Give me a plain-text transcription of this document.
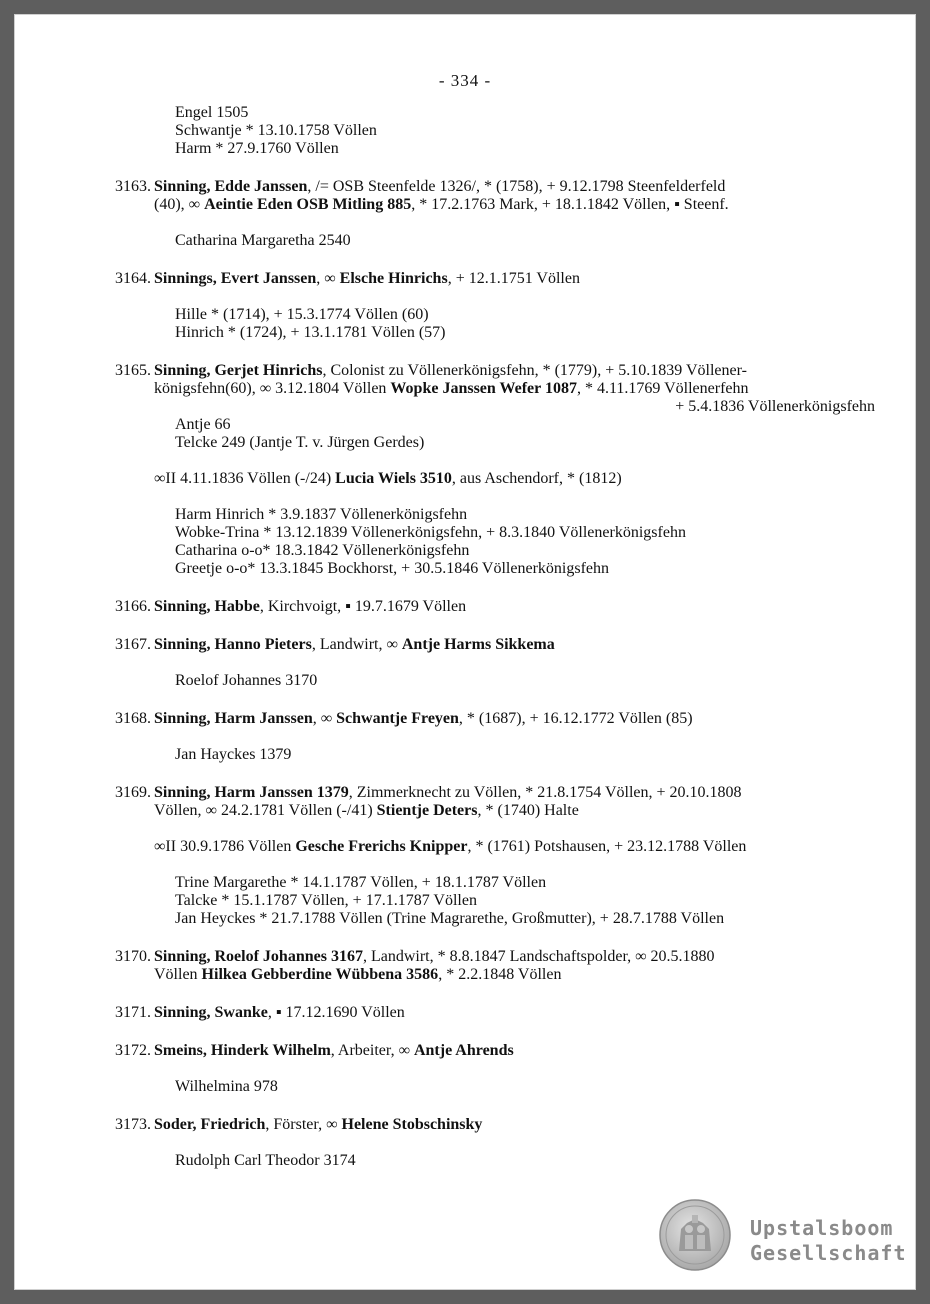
- 334 -
Engel 1505
Schwantje * 13.10.1758 Völlen
Harm * 27.9.1760 Völlen
3163. Sinning, Edde Janssen, /= OSB Steenfelde 1326/, * (1758), + 9.12.1798 Steenfelderfeld
(40), ∞ Aeintie Eden OSB Mitling 885, * 17.2.1763 Mark, + 18.1.1842 Völlen, ▪ Steenf.
Catharina Margaretha 2540
3164. Sinnings, Evert Janssen, ∞ Elsche Hinrichs, + 12.1.1751 Völlen
Hille * (1714), + 15.3.1774 Völlen (60)
Hinrich * (1724), + 13.1.1781 Völlen (57)
3165. Sinning, Gerjet Hinrichs, Colonist zu Völlenerkönigsfehn, * (1779), + 5.10.1839 Völlener-
königsfehn(60), ∞ 3.12.1804 Völlen Wopke Janssen Wefer 1087, * 4.11.1769 Völlenerfehn
+ 5.4.1836 Völlenerkönigsfehn
Antje 66
Telcke 249 (Jantje T. v. Jürgen Gerdes)
∞II 4.11.1836 Völlen (-/24) Lucia Wiels 3510, aus Aschendorf, * (1812)
Harm Hinrich * 3.9.1837 Völlenerkönigsfehn
Wobke-Trina * 13.12.1839 Völlenerkönigsfehn, + 8.3.1840 Völlenerkönigsfehn
Catharina o-o* 18.3.1842 Völlenerkönigsfehn
Greetje o-o* 13.3.1845 Bockhorst, + 30.5.1846 Völlenerkönigsfehn
3166. Sinning, Habbe, Kirchvoigt, ▪ 19.7.1679 Völlen
3167. Sinning, Hanno Pieters, Landwirt, ∞ Antje Harms Sikkema
Roelof Johannes 3170
3168. Sinning, Harm Janssen, ∞ Schwantje Freyen, * (1687), + 16.12.1772 Völlen (85)
Jan Hayckes 1379
3169. Sinning, Harm Janssen 1379, Zimmerknecht zu Völlen, * 21.8.1754 Völlen, + 20.10.1808
Völlen, ∞ 24.2.1781 Völlen (-/41) Stientje Deters, * (1740) Halte
∞II 30.9.1786 Völlen Gesche Frerichs Knipper, * (1761) Potshausen, + 23.12.1788 Völlen
Trine Margarethe * 14.1.1787 Völlen, + 18.1.1787 Völlen
Talcke * 15.1.1787 Völlen, + 17.1.1787 Völlen
Jan Heyckes * 21.7.1788 Völlen (Trine Magrarethe, Großmutter), + 28.7.1788 Völlen
3170. Sinning, Roelof Johannes 3167, Landwirt, * 8.8.1847 Landschaftspolder, ∞ 20.5.1880
Völlen Hilkea Gebberdine Wübbena 3586, * 2.2.1848 Völlen
3171. Sinning, Swanke, ▪ 17.12.1690 Völlen
3172. Smeins, Hinderk Wilhelm, Arbeiter, ∞ Antje Ahrends
Wilhelmina 978
3173. Soder, Friedrich, Förster, ∞ Helene Stobschinsky
Rudolph Carl Theodor 3174
Upstalsboom
Gesellschaft
